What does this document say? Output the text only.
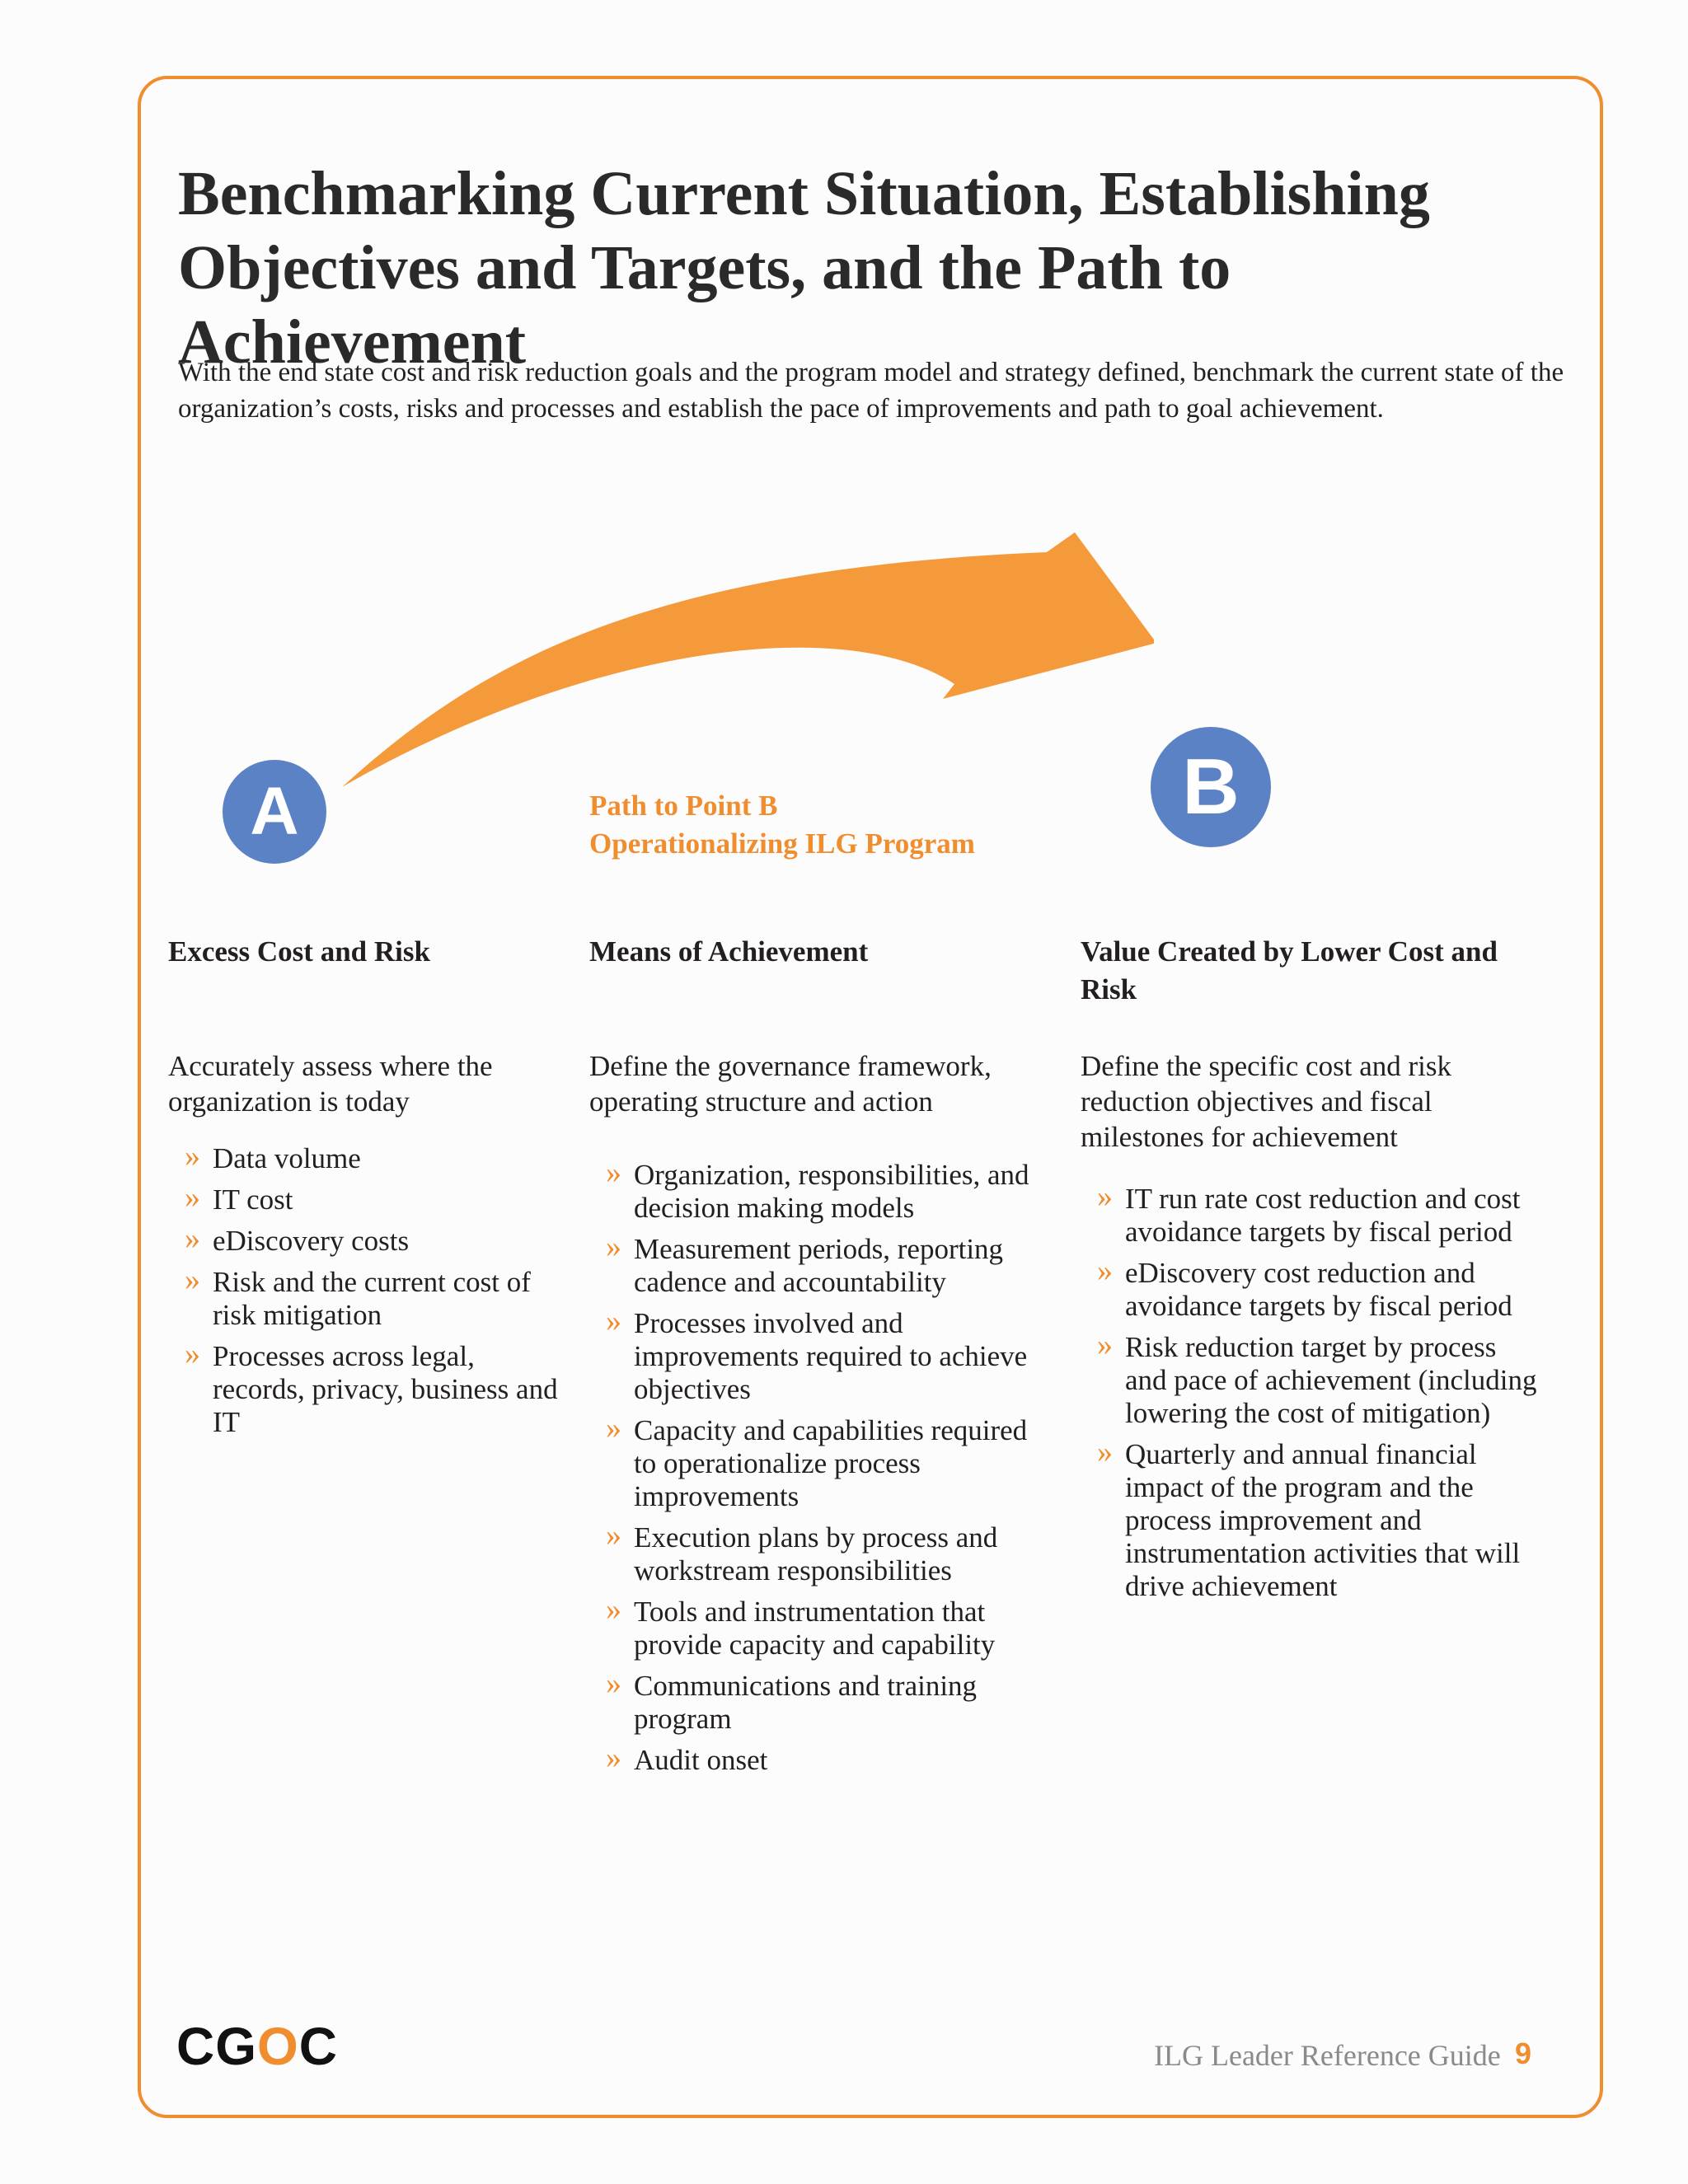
Benchmarking Current Situation, Establishing Objectives and Targets, and the Path to Achievement

With the end state cost and risk reduction goals and the program model and strategy defined, benchmark the current state of the organization’s costs, risks and processes and establish the pace of improvements and path to goal achievement.

A	B
Path to Point B
Operationalizing ILG Program
Excess Cost and Risk

Accurately assess where the organization is today

» Data volume
» IT cost
» eDiscovery costs
» Risk and the current cost of risk mitigation
» Processes across legal, records, privacy, business and IT
Means of Achievement

Define the governance framework, operating structure and action

» Organization, responsibilities, and decision making models
» Measurement periods, reporting cadence and accountability
» Processes involved and improvements required to achieve objectives
» Capacity and capabilities required to operationalize process improvements
» Execution plans by process and workstream responsibilities
» Tools and instrumentation that provide capacity and capability
» Communications and training program
» Audit onset
Value Created by Lower Cost and Risk

Define the specific cost and risk reduction objectives and fiscal milestones for achievement

» IT run rate cost reduction and cost avoidance targets by fiscal period
» eDiscovery cost reduction and avoidance targets by fiscal period
» Risk reduction target by process and pace of achievement (including lowering the cost of mitigation)
» Quarterly and annual financial impact of the program and the process improvement and instrumentation activities that will drive achievement
CGOC	ILG Leader Reference Guide 9
